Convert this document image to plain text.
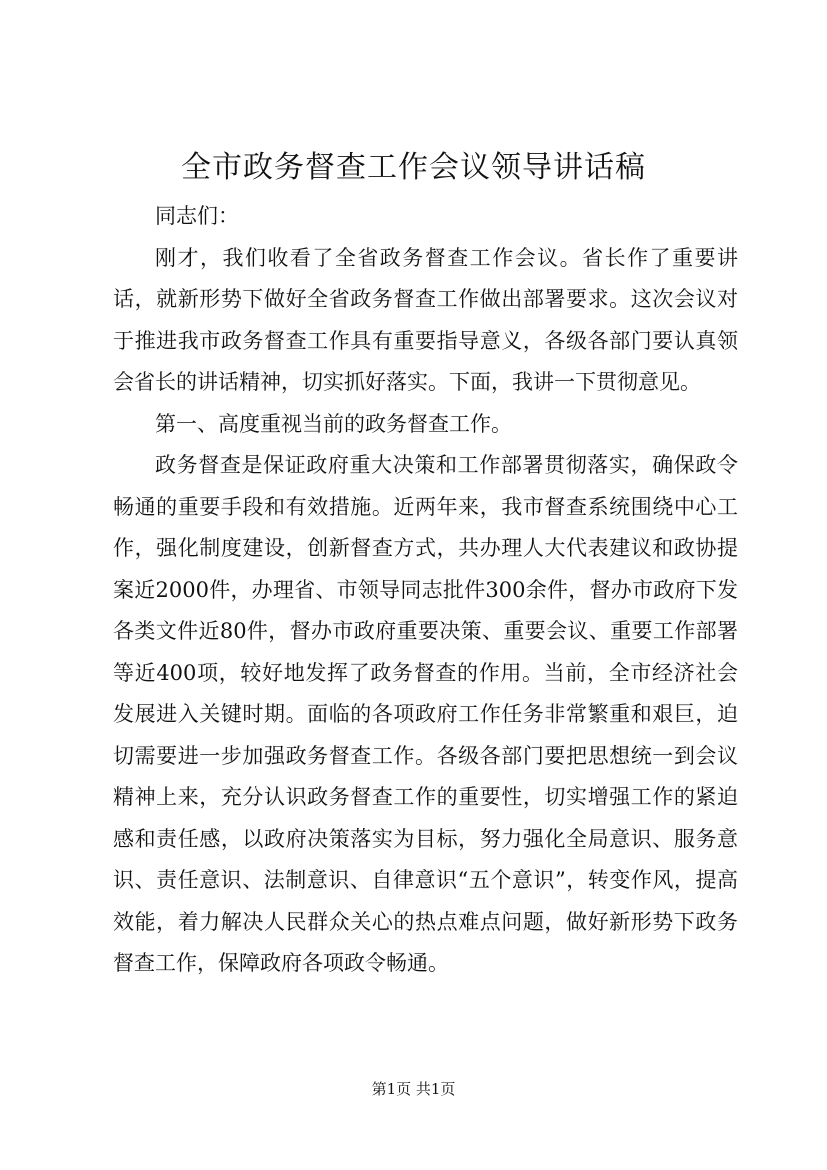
全市政务督查工作会议领导讲话稿

同志们：

刚才，我们收看了全省政务督查工作会议。省长作了重要讲话，就新形势下做好全省政务督查工作做出部署要求。这次会议对于推进我市政务督查工作具有重要指导意义，各级各部门要认真领会省长的讲话精神，切实抓好落实。下面，我讲一下贯彻意见。

第一、高度重视当前的政务督查工作。

政务督查是保证政府重大决策和工作部署贯彻落实，确保政令畅通的重要手段和有效措施。近两年来，我市督查系统围绕中心工作，强化制度建设，创新督查方式，共办理人大代表建议和政协提案近2000件，办理省、市领导同志批件300余件，督办市政府下发各类文件近80件，督办市政府重要决策、重要会议、重要工作部署等近400项，较好地发挥了政务督查的作用。当前，全市经济社会发展进入关键时期。面临的各项政府工作任务非常繁重和艰巨，迫切需要进一步加强政务督查工作。各级各部门要把思想统一到会议精神上来，充分认识政务督查工作的重要性，切实增强工作的紧迫感和责任感，以政府决策落实为目标，努力强化全局意识、服务意识、责任意识、法制意识、自律意识“五个意识”，转变作风，提高效能，着力解决人民群众关心的热点难点问题，做好新形势下政务督查工作，保障政府各项政令畅通。

第1页 共1页
